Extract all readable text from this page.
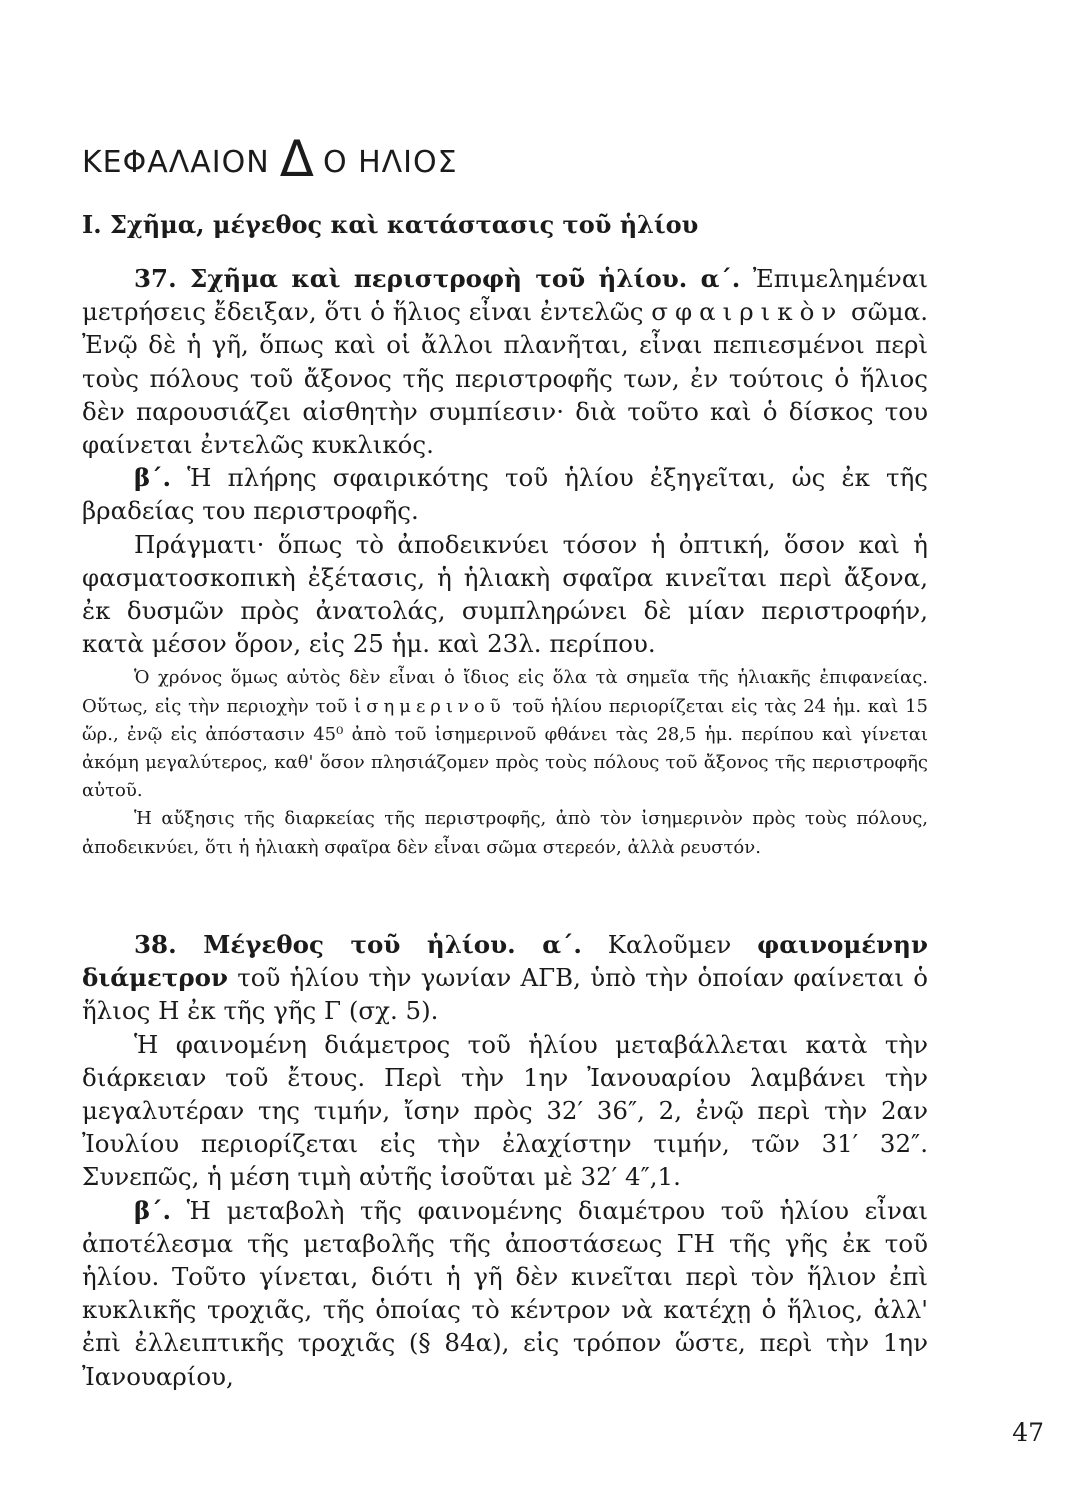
ΚΕΦΑΛΑΙΟΝ Δ Ο ΗΛΙΟΣ
I. Σχῆμα, μέγεθος καὶ κατάστασις τοῦ ἡλίου

37. Σχῆμα καὶ περιστροφὴ τοῦ ἡλίου. α΄. Ἐπιμελημέναι μετρήσεις ἔδειξαν, ὅτι ὁ ἥλιος εἶναι ἐντελῶς σφαιρικὸν σῶμα. Ἐνῷ δὲ ἡ γῆ, ὅπως καὶ οἱ ἄλλοι πλανῆται, εἶναι πεπιεσμένοι περὶ τοὺς πόλους τοῦ ἄξονος τῆς περιστροφῆς των, ἐν τούτοις ὁ ἥλιος δὲν παρουσιάζει αἰσθητὴν συμπίεσιν· διὰ τοῦτο καὶ ὁ δίσκος του φαίνεται ἐντελῶς κυκλικός.

β΄. Ἡ πλήρης σφαιρικότης τοῦ ἡλίου ἐξηγεῖται, ὡς ἐκ τῆς βραδείας του περιστροφῆς.

Πράγματι· ὅπως τὸ ἀποδεικνύει τόσον ἡ ὀπτική, ὅσον καὶ ἡ φασματοσκοπικὴ ἐξέτασις, ἡ ἡλιακὴ σφαῖρα κινεῖται περὶ ἄξονα, ἐκ δυσμῶν πρὸς ἀνατολάς, συμπληρώνει δὲ μίαν περιστροφήν, κατὰ μέσον ὅρον, εἰς 25 ἡμ. καὶ 23λ. περίπου.

Ὁ χρόνος ὅμως αὐτὸς δὲν εἶναι ὁ ἴδιος εἰς ὅλα τὰ σημεῖα τῆς ἡλιακῆς ἐπιφανείας. Οὕτως, εἰς τὴν περιοχὴν τοῦ ἰσημερινοῦ τοῦ ἡλίου περιορίζεται εἰς τὰς 24 ἡμ. καὶ 15 ὥρ., ἐνῷ εἰς ἀπόστασιν 45⁰ ἀπὸ τοῦ ἰσημερινοῦ φθάνει τὰς 28,5 ἡμ. περίπου καὶ γίνεται ἀκόμη μεγαλύτερος, καθ' ὅσον πλησιάζομεν πρὸς τοὺς πόλους τοῦ ἄξονος τῆς περιστροφῆς αὐτοῦ.

Ἡ αὔξησις τῆς διαρκείας τῆς περιστροφῆς, ἀπὸ τὸν ἰσημερινὸν πρὸς τοὺς πόλους, ἀποδεικνύει, ὅτι ἡ ἡλιακὴ σφαῖρα δὲν εἶναι σῶμα στερεόν, ἀλλὰ ρευστόν.

38. Μέγεθος τοῦ ἡλίου. α΄. Καλοῦμεν φαινομένην διάμετρον τοῦ ἡλίου τὴν γωνίαν ΑΓΒ, ὑπὸ τὴν ὁποίαν φαίνεται ὁ ἥλιος Η ἐκ τῆς γῆς Γ (σχ. 5).

Ἡ φαινομένη διάμετρος τοῦ ἡλίου μεταβάλλεται κατὰ τὴν διάρκειαν τοῦ ἔτους. Περὶ τὴν 1ην Ἰανουαρίου λαμβάνει τὴν μεγαλυτέραν της τιμήν, ἴσην πρὸς 32′ 36″, 2, ἐνῷ περὶ τὴν 2αν Ἰουλίου περιορίζεται εἰς τὴν ἐλαχίστην τιμήν, τῶν 31′ 32″. Συνεπῶς, ἡ μέση τιμὴ αὐτῆς ἰσοῦται μὲ 32′ 4″,1.

β΄. Ἡ μεταβολὴ τῆς φαινομένης διαμέτρου τοῦ ἡλίου εἶναι ἀποτέλεσμα τῆς μεταβολῆς τῆς ἀποστάσεως ΓΗ τῆς γῆς ἐκ τοῦ ἡλίου. Τοῦτο γίνεται, διότι ἡ γῆ δὲν κινεῖται περὶ τὸν ἥλιον ἐπὶ κυκλικῆς τροχιᾶς, τῆς ὁποίας τὸ κέντρον νὰ κατέχῃ ὁ ἥλιος, ἀλλ' ἐπὶ ἐλλειπτικῆς τροχιᾶς (§ 84α), εἰς τρόπον ὥστε, περὶ τὴν 1ην Ἰανουαρίου,

47
